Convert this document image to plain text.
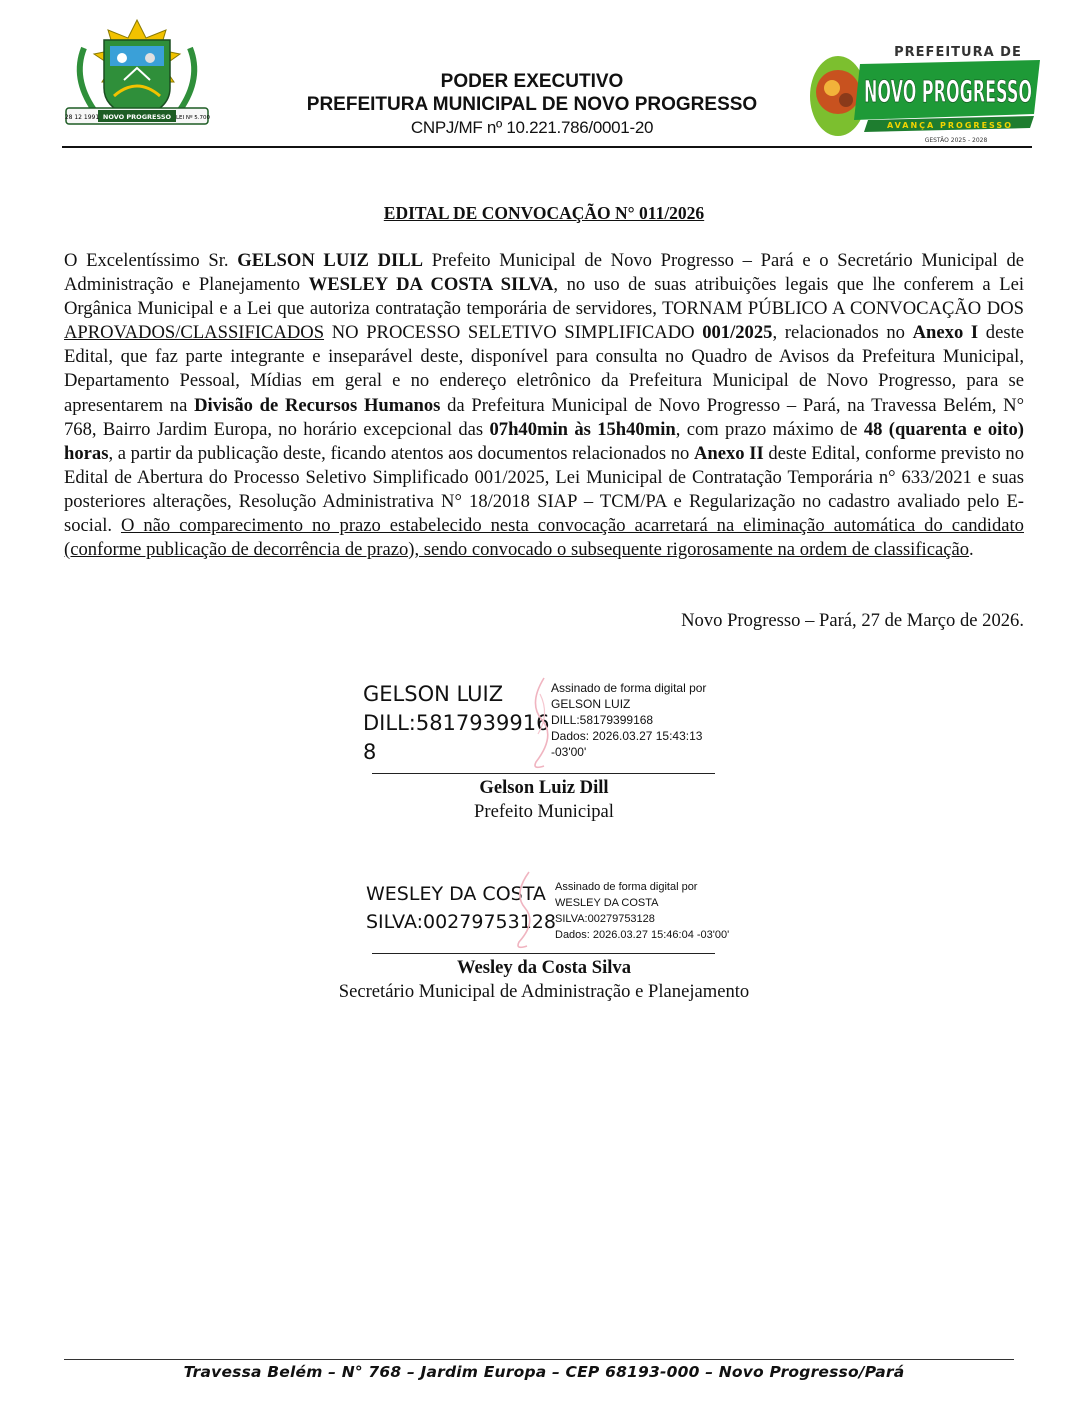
28 12 1991 NOVO PROGRESSO LEI Nº 5.700
PODER EXECUTIVO
PREFEITURA MUNICIPAL DE NOVO PROGRESSO
CNPJ/MF nº 10.221.786/0001-20
PREFEITURA DE
NOVO PROGRESSO
AVANÇA PROGRESSO
GESTÃO 2025 - 2028
EDITAL DE CONVOCAÇÃO N° 011/2026
O Excelentíssimo Sr. GELSON LUIZ DILL Prefeito Municipal de Novo Progresso – Pará e o Secretário Municipal de Administração e Planejamento WESLEY DA COSTA SILVA, no uso de suas atribuições legais que lhe conferem a Lei Orgânica Municipal e a Lei que autoriza contratação temporária de servidores, TORNAM PÚBLICO A CONVOCAÇÃO DOS APROVADOS/CLASSIFICADOS NO PROCESSO SELETIVO SIMPLIFICADO 001/2025, relacionados no Anexo I deste Edital, que faz parte integrante e inseparável deste, disponível para consulta no Quadro de Avisos da Prefeitura Municipal, Departamento Pessoal, Mídias em geral e no endereço eletrônico da Prefeitura Municipal de Novo Progresso, para se apresentarem na Divisão de Recursos Humanos da Prefeitura Municipal de Novo Progresso – Pará, na Travessa Belém, N° 768, Bairro Jardim Europa, no horário excepcional das 07h40min às 15h40min, com prazo máximo de 48 (quarenta e oito) horas, a partir da publicação deste, ficando atentos aos documentos relacionados no Anexo II deste Edital, conforme previsto no Edital de Abertura do Processo Seletivo Simplificado 001/2025, Lei Municipal de Contratação Temporária n° 633/2021 e suas posteriores alterações, Resolução Administrativa N° 18/2018 SIAP – TCM/PA e Regularização no cadastro avaliado pelo E-social. O não comparecimento no prazo estabelecido nesta convocação acarretará na eliminação automática do candidato (conforme publicação de decorrência de prazo), sendo convocado o subsequente rigorosamente na ordem de classificação.
Novo Progresso – Pará, 27 de Março de 2026.
GELSON LUIZ
DILL:5817939916
8
Assinado de forma digital por
GELSON LUIZ
DILL:58179399168
Dados: 2026.03.27 15:43:13
-03'00'
Gelson Luiz Dill
Prefeito Municipal
WESLEY DA COSTA
SILVA:00279753128
Assinado de forma digital por
WESLEY DA COSTA
SILVA:00279753128
Dados: 2026.03.27 15:46:04 -03'00'
Wesley da Costa Silva
Secretário Municipal de Administração e Planejamento
Travessa Belém – N° 768 – Jardim Europa – CEP 68193-000 – Novo Progresso/Pará
